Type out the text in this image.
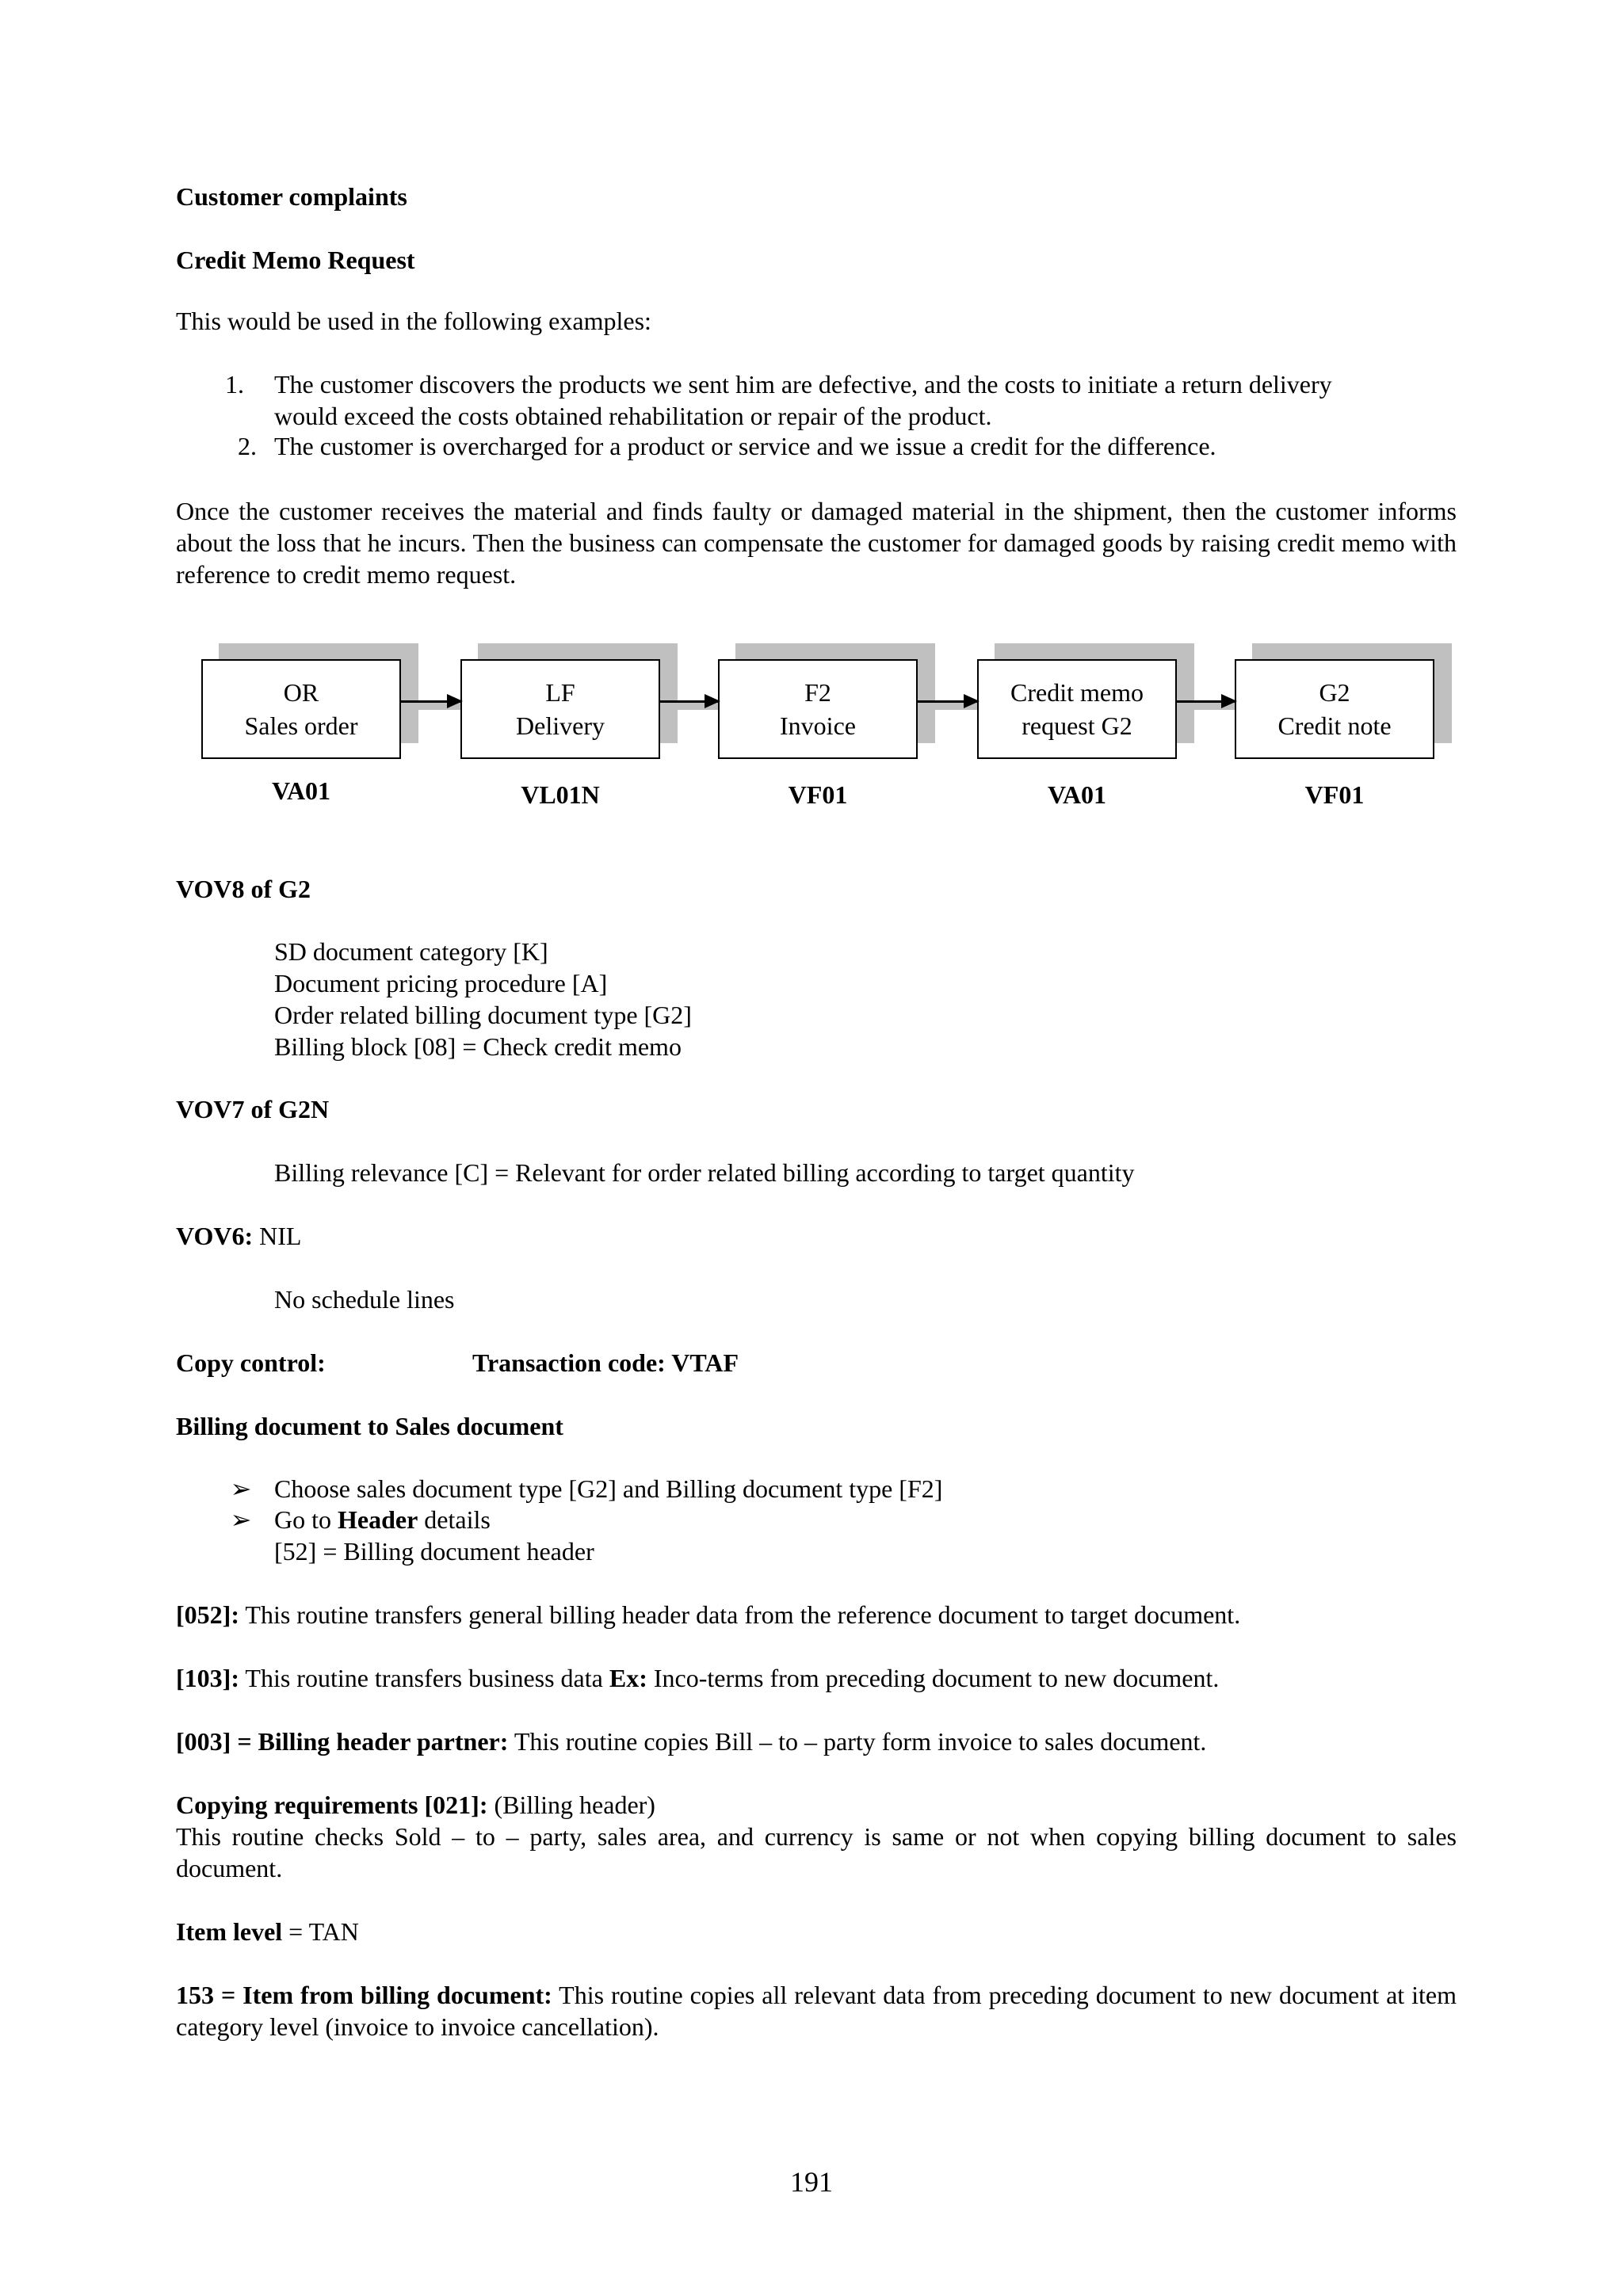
Customer complaints
Credit Memo Request
This would be used in the following examples:
1.	The customer discovers the products we sent him are defective, and the costs to initiate a return delivery
would exceed the costs obtained rehabilitation or repair of the product.
2. The customer is overcharged for a product or service and we issue a credit for the difference.
Once the customer receives the material and finds faulty or damaged material in the shipment, then the customer informs about the loss that he incurs. Then the business can compensate the customer for damaged goods by raising credit memo with reference to credit memo request.
OR
Sales order
LF
Delivery
F2
Invoice
Credit memo
request G2
G2
Credit note
VA01	VL01N	VF01	VA01	VF01
VOV8 of G2
SD document category [K]
Document pricing procedure [A]
Order related billing document type [G2]
Billing block [08] = Check credit memo
VOV7 of G2N
Billing relevance [C] = Relevant for order related billing according to target quantity
VOV6: NIL
No schedule lines
Copy control:	Transaction code: VTAF
Billing document to Sales document
➢ Choose sales document type [G2] and Billing document type [F2]
➢ Go to Header details
[52] = Billing document header
[052]: This routine transfers general billing header data from the reference document to target document.
[103]: This routine transfers business data Ex: Inco-terms from preceding document to new document.
[003] = Billing header partner: This routine copies Bill – to – party form invoice to sales document.
Copying requirements [021]: (Billing header)
This routine checks Sold – to – party, sales area, and currency is same or not when copying billing document to sales document.
Item level = TAN
153 = Item from billing document: This routine copies all relevant data from preceding document to new document at item category level (invoice to invoice cancellation).
191
